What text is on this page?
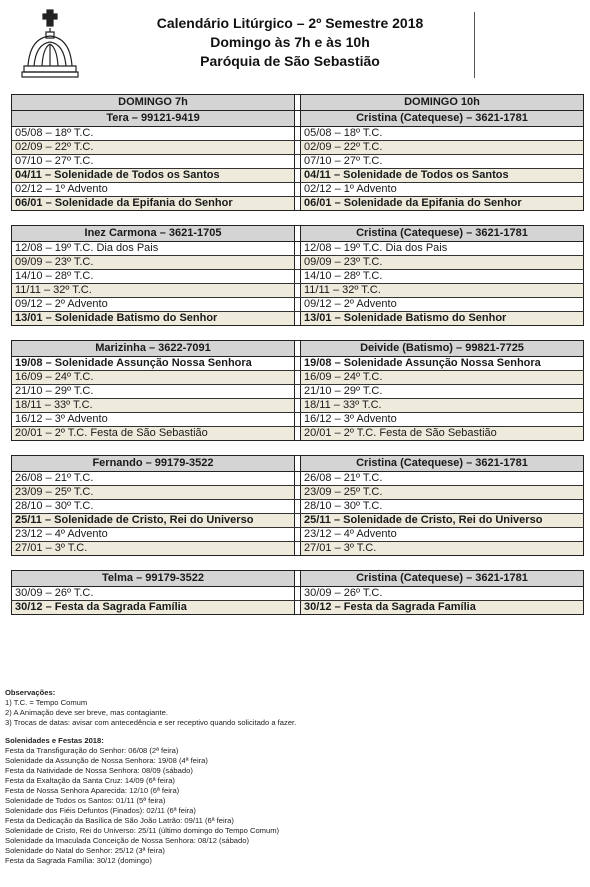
Calendário Litúrgico – 2º Semestre 2018
Domingo às 7h e às 10h
Paróquia de São Sebastião
DOMINGO 7h		DOMINGO 10h
Tera – 99121-9419		Cristina (Catequese) – 3621-1781
05/08 – 18º T.C.		05/08 – 18º T.C.
02/09 – 22º T.C.		02/09 – 22º T.C.
07/10 – 27º T.C.		07/10 – 27º T.C.
04/11 – Solenidade de Todos os Santos		04/11 – Solenidade de Todos os Santos
02/12 – 1º Advento		02/12 – 1º Advento
06/01 – Solenidade da Epifania do Senhor		06/01 – Solenidade da Epifania do Senhor

Inez Carmona – 3621-1705		Cristina (Catequese) – 3621-1781
12/08 – 19º T.C. Dia dos Pais		12/08 – 19º T.C. Dia dos Pais
09/09 – 23º T.C.		09/09 – 23º T.C.
14/10 – 28º T.C.		14/10 – 28º T.C.
11/11 – 32º T.C.		11/11 – 32º T.C.
09/12 – 2º Advento		09/12 – 2º Advento
13/01 – Solenidade Batismo do Senhor		13/01 – Solenidade Batismo do Senhor

Marizinha – 3622-7091		Deivide (Batismo) – 99821-7725
19/08 – Solenidade Assunção Nossa Senhora		19/08 – Solenidade Assunção Nossa Senhora
16/09 – 24º T.C.		16/09 – 24º T.C.
21/10 – 29º T.C.		21/10 – 29º T.C.
18/11 – 33º T.C.		18/11 – 33º T.C.
16/12 – 3º Advento		16/12 – 3º Advento
20/01 – 2º T.C. Festa de São Sebastião		20/01 – 2º T.C. Festa de São Sebastião

Fernando – 99179-3522		Cristina (Catequese) – 3621-1781
26/08 – 21º T.C.		26/08 – 21º T.C.
23/09 – 25º T.C.		23/09 – 25º T.C.
28/10 – 30º T.C.		28/10 – 30º T.C.
25/11 – Solenidade de Cristo, Rei do Universo		25/11 – Solenidade de Cristo, Rei do Universo
23/12 – 4º Advento		23/12 – 4º Advento
27/01 – 3º T.C.		27/01 – 3º T.C.

Telma – 99179-3522		Cristina (Catequese) – 3621-1781
30/09 – 26º T.C.		30/09 – 26º T.C.
30/12 – Festa da Sagrada Família		30/12 – Festa da Sagrada Família
Observações:
1) T.C. = Tempo Comum
2) A Animação deve ser breve, mas contagiante.
3) Trocas de datas: avisar com antecedência e ser receptivo quando solicitado a fazer.
Solenidades e Festas 2018:
Festa da Transfiguração do Senhor: 06/08 (2ª feira)
Solenidade da Assunção de Nossa Senhora: 19/08 (4ª feira)
Festa da Natividade de Nossa Senhora: 08/09 (sábado)
Festa da Exaltação da Santa Cruz: 14/09 (6ª feira)
Festa de Nossa Senhora Aparecida: 12/10 (6ª feira)
Solenidade de Todos os Santos: 01/11 (5ª feira)
Solenidade dos Fiéis Defuntos (Finados): 02/11 (6ª feira)
Festa da Dedicação da Basílica de São João Latrão: 09/11 (6ª feira)
Solenidade de Cristo, Rei do Universo: 25/11 (último domingo do Tempo Comum)
Solenidade da Imaculada Conceição de Nossa Senhora: 08/12 (sábado)
Solenidade do Natal do Senhor: 25/12 (3ª feira)
Festa da Sagrada Família: 30/12 (domingo)
